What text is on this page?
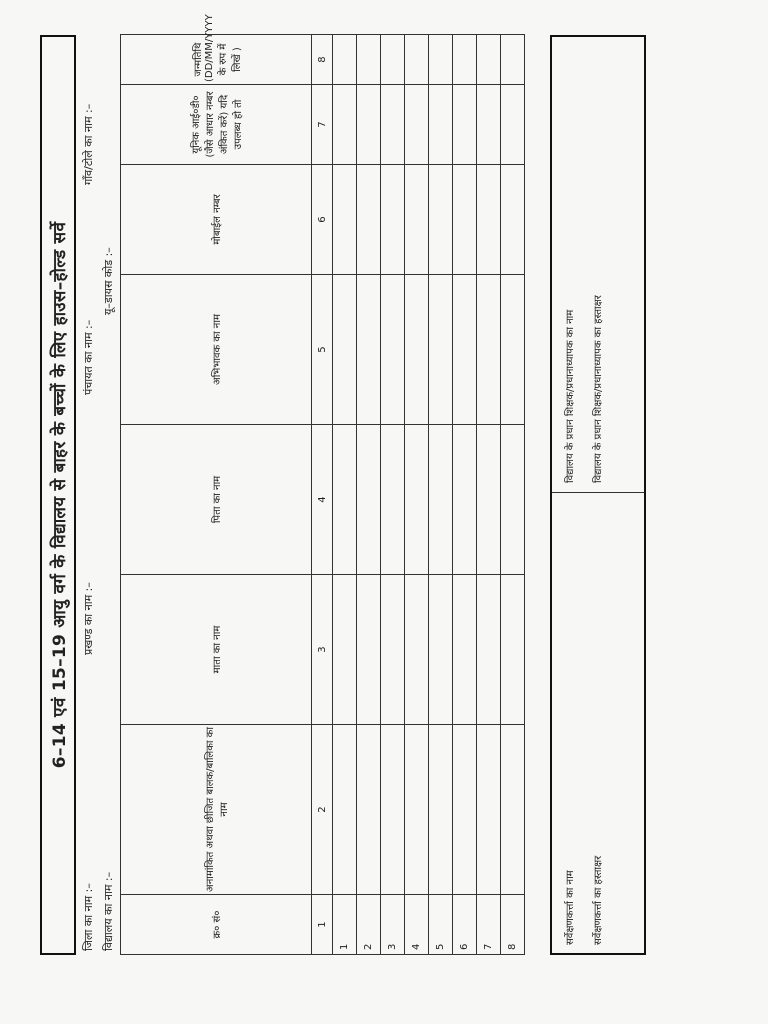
6–14 एवं 15–19 आयु वर्ग के विद्यालय से बाहर के बच्चों के लिए हाउस–होल्ड सर्वे
जिला का नाम :–
प्रखण्ड का नाम :–
पंचायत का नाम :–
गाँव/टोले का नाम :–
विद्यालय का नाम :–
यू–डायस कोड :–
क्र० सं०	अनामांकित अथवा छीजित बालक/बालिका का नाम	माता का नाम	पिता का नाम	अभिभावक का नाम	मोबाईल नम्बर	यूनिक आई०डी० (जैसे आधार नम्बर अंकित करें) यदि उपलब्ध हो तो	जन्मतिथि (DD/MM/YYYY के रुप में लिखें )
1	2	3	4	5	6	7	8
1							
2							
3							
4							
5							
6							
7							
8							
सर्वेक्षणकर्त्ता का नाम	सर्वेक्षणकर्त्ता का हस्ताक्षर
विद्यालय के प्रधान शिक्षक/प्रधानाध्यापक का नाम	विद्यालय के प्रधान शिक्षक/प्रधानाध्यापक का हस्ताक्षर
